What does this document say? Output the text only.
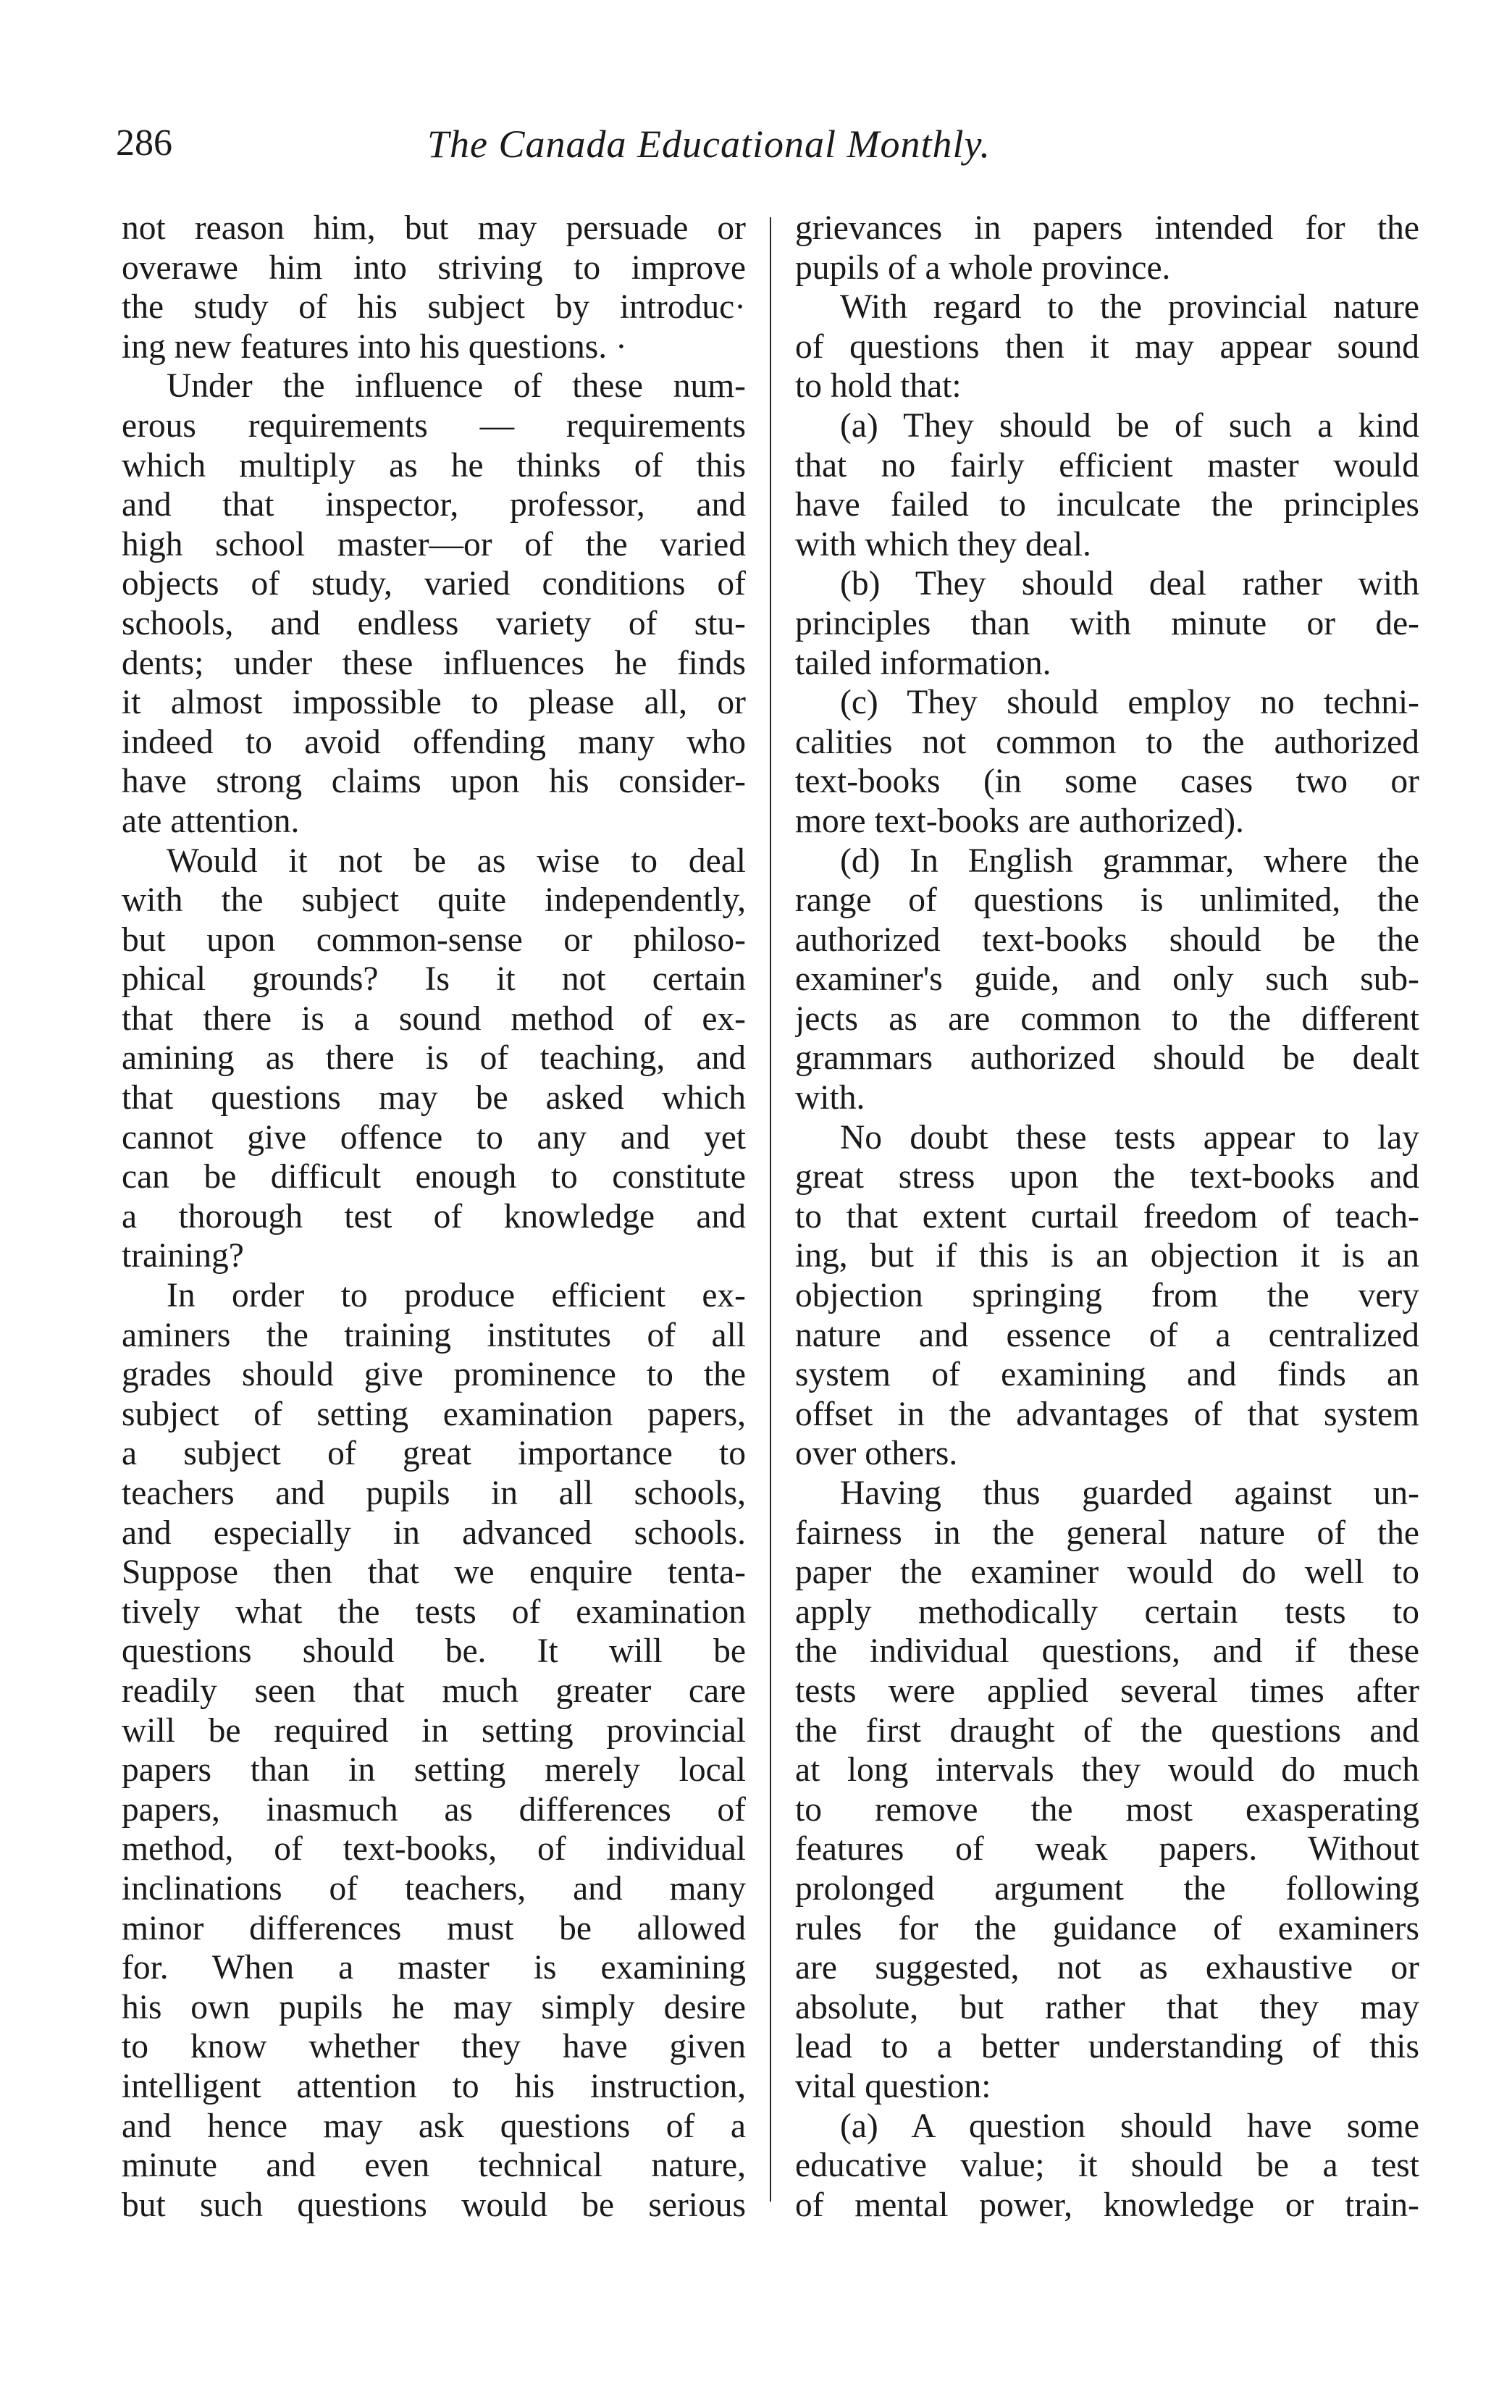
286	The Canada Educational Monthly.
not reason him, but may persuade or
overawe him into striving to improve
the study of his subject by introduc·
ing new features into his questions. ·
Under the influence of these num-
erous requirements — requirements
which multiply as he thinks of this
and that inspector, professor, and
high school master—or of the varied
objects of study, varied conditions of
schools, and endless variety of stu-
dents; under these influences he finds
it almost impossible to please all, or
indeed to avoid offending many who
have strong claims upon his consider-
ate attention.
Would it not be as wise to deal
with the subject quite independently,
but upon common-sense or philoso-
phical grounds? Is it not certain
that there is a sound method of ex-
amining as there is of teaching, and
that questions may be asked which
cannot give offence to any and yet
can be difficult enough to constitute
a thorough test of knowledge and
training?
In order to produce efficient ex-
aminers the training institutes of all
grades should give prominence to the
subject of setting examination papers,
a subject of great importance to
teachers and pupils in all schools,
and especially in advanced schools.
Suppose then that we enquire tenta-
tively what the tests of examination
questions should be. It will be
readily seen that much greater care
will be required in setting provincial
papers than in setting merely local
papers, inasmuch as differences of
method, of text-books, of individual
inclinations of teachers, and many
minor differences must be allowed
for. When a master is examining
his own pupils he may simply desire
to know whether they have given
intelligent attention to his instruction,
and hence may ask questions of a
minute and even technical nature,
but such questions would be serious
grievances in papers intended for the
pupils of a whole province.
With regard to the provincial nature
of questions then it may appear sound
to hold that:
(a) They should be of such a kind
that no fairly efficient master would
have failed to inculcate the principles
with which they deal.
(b) They should deal rather with
principles than with minute or de-
tailed information.
(c) They should employ no techni-
calities not common to the authorized
text-books (in some cases two or
more text-books are authorized).
(d) In English grammar, where the
range of questions is unlimited, the
authorized text-books should be the
examiner's guide, and only such sub-
jects as are common to the different
grammars authorized should be dealt
with.
No doubt these tests appear to lay
great stress upon the text-books and
to that extent curtail freedom of teach-
ing, but if this is an objection it is an
objection springing from the very
nature and essence of a centralized
system of examining and finds an
offset in the advantages of that system
over others.
Having thus guarded against un-
fairness in the general nature of the
paper the examiner would do well to
apply methodically certain tests to
the individual questions, and if these
tests were applied several times after
the first draught of the questions and
at long intervals they would do much
to remove the most exasperating
features of weak papers. Without
prolonged argument the following
rules for the guidance of examiners
are suggested, not as exhaustive or
absolute, but rather that they may
lead to a better understanding of this
vital question:
(a) A question should have some
educative value; it should be a test
of mental power, knowledge or train-
